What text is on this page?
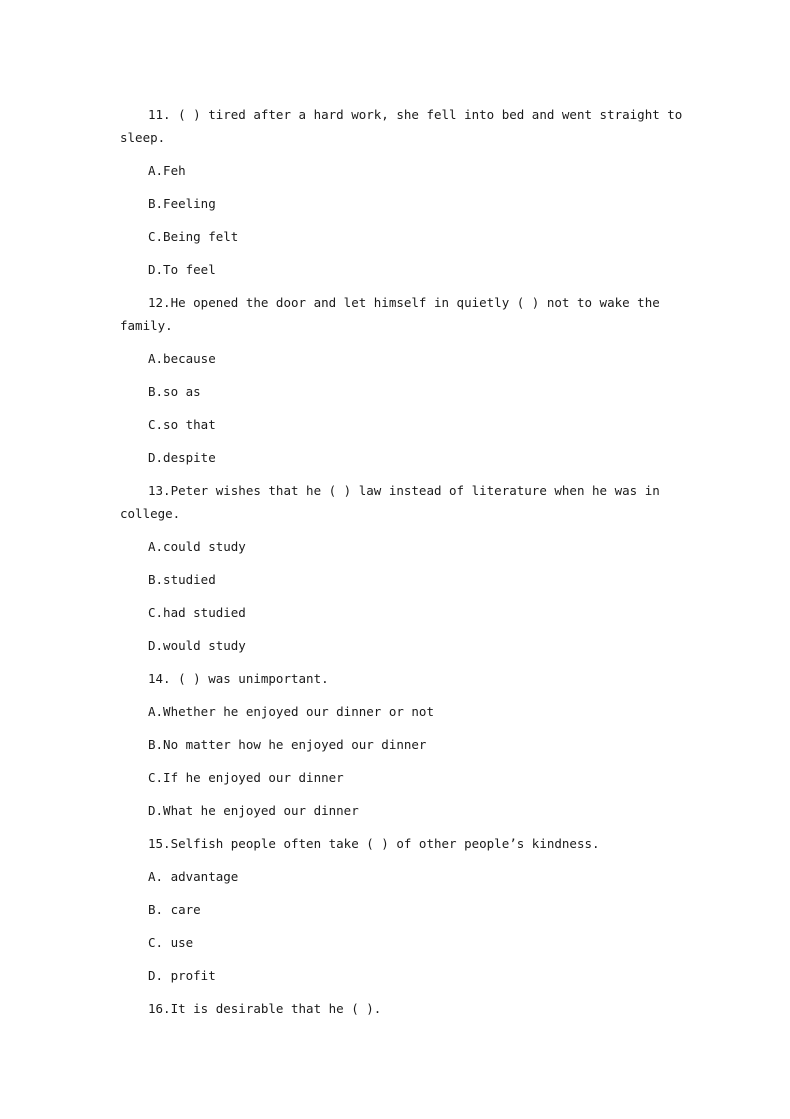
11. ( ) tired after a hard work, she fell into bed and went straight to

sleep.

A.Feh

B.Feeling

C.Being felt

D.To feel

12.He opened the door and let himself in quietly ( ) not to wake the

family.

A.because

B.so as

C.so that

D.despite

13.Peter wishes that he ( ) law instead of literature when he was in

college.

A.could study

B.studied

C.had studied

D.would study

14. ( ) was unimportant.

A.Whether he enjoyed our dinner or not

B.No matter how he enjoyed our dinner

C.If he enjoyed our dinner

D.What he enjoyed our dinner

15.Selfish people often take ( ) of other people’s kindness.

A. advantage

B. care

C. use

D. profit

16.It is desirable that he ( ).
